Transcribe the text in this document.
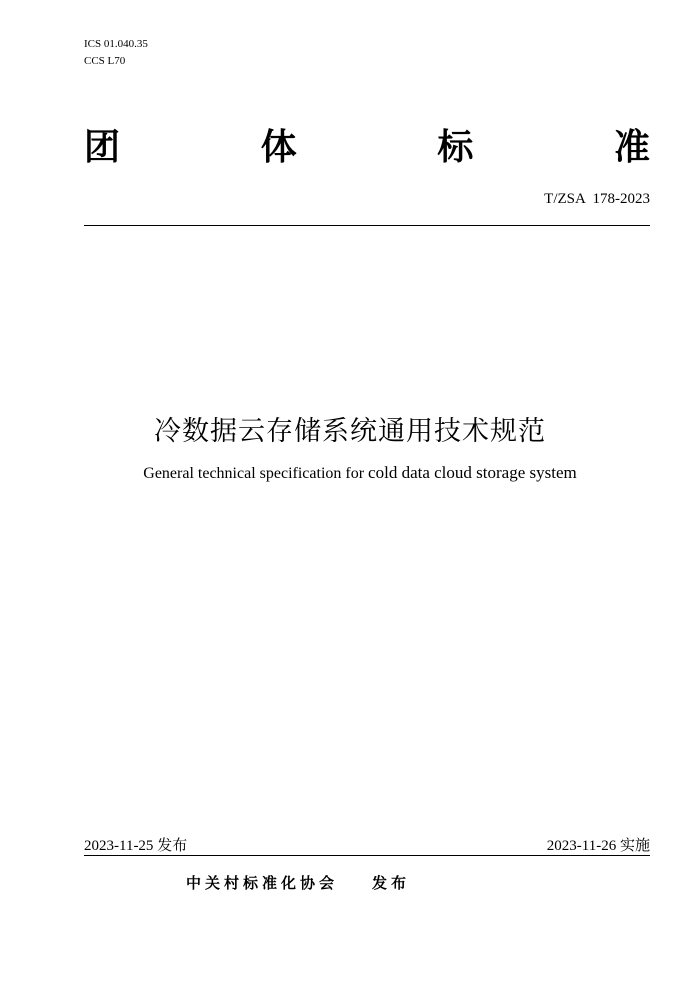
ICS 01.040.35
CCS L70
团	体	标	准
T/ZSA  178-2023
冷数据云存储系统通用技术规范
General technical specification for cold data cloud storage system
2023-11-25 发布	2023-11-26 实施
中关村标准化协会 发布
